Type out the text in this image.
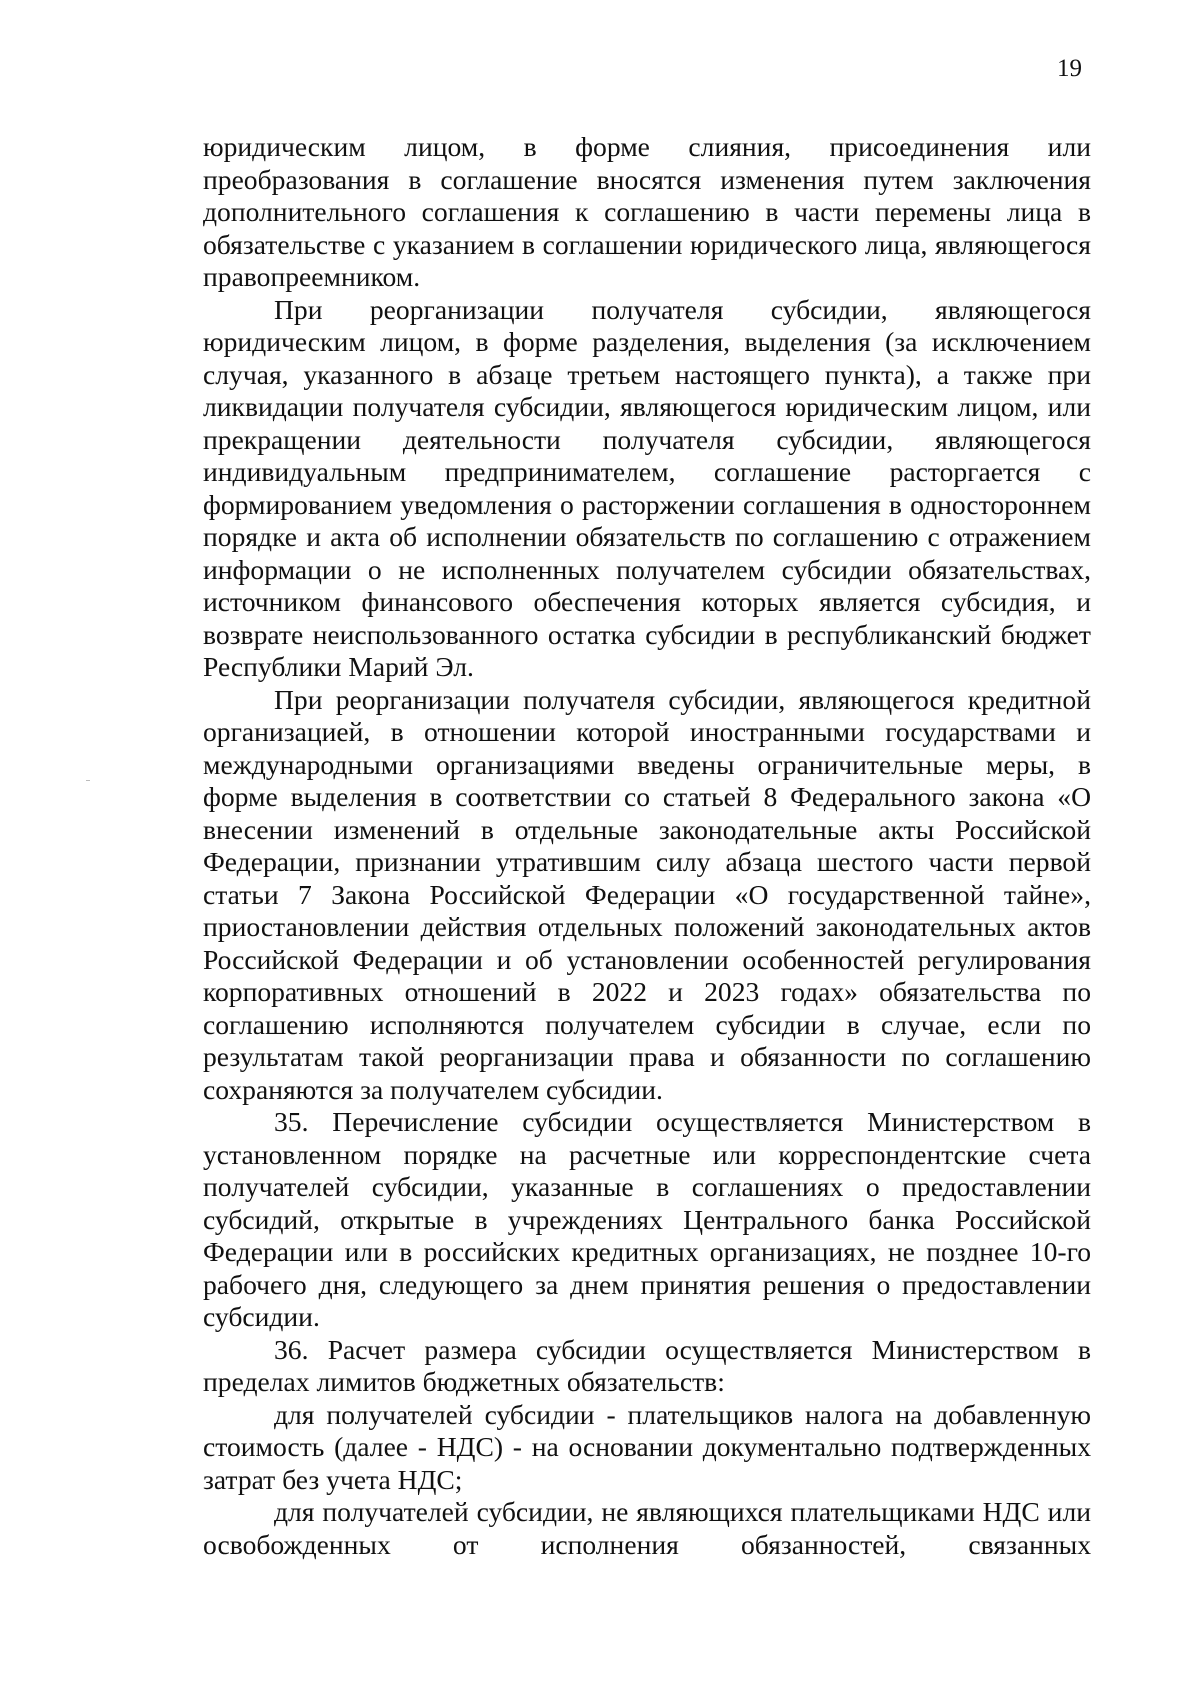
19

юридическим лицом, в форме слияния, присоединения или преобразования в соглашение вносятся изменения путем заключения дополнительного соглашения к соглашению в части перемены лица в обязательстве с указанием в соглашении юридического лица, являющегося правопреемником.

При реорганизации получателя субсидии, являющегося юридическим лицом, в форме разделения, выделения (за исключением случая, указанного в абзаце третьем настоящего пункта), а также при ликвидации получателя субсидии, являющегося юридическим лицом, или прекращении деятельности получателя субсидии, являющегося индивидуальным предпринимателем, соглашение расторгается с формированием уведомления о расторжении соглашения в одностороннем порядке и акта об исполнении обязательств по соглашению с отражением информации о не исполненных получателем субсидии обязательствах, источником финансового обеспечения которых является субсидия, и возврате неиспользованного остатка субсидии в республиканский бюджет Республики Марий Эл.

При реорганизации получателя субсидии, являющегося кредитной организацией, в отношении которой иностранными государствами и международными организациями введены ограничительные меры, в форме выделения в соответствии со статьей 8 Федерального закона «О внесении изменений в отдельные законодательные акты Российской Федерации, признании утратившим силу абзаца шестого части первой статьи 7 Закона Российской Федерации «О государственной тайне», приостановлении действия отдельных положений законодательных актов Российской Федерации и об установлении особенностей регулирования корпоративных отношений в 2022 и 2023 годах» обязательства по соглашению исполняются получателем субсидии в случае, если по результатам такой реорганизации права и обязанности по соглашению сохраняются за получателем субсидии.

35. Перечисление субсидии осуществляется Министерством в установленном порядке на расчетные или корреспондентские счета получателей субсидии, указанные в соглашениях о предоставлении субсидий, открытые в учреждениях Центрального банка Российской Федерации или в российских кредитных организациях, не позднее 10-го рабочего дня, следующего за днем принятия решения о предоставлении субсидии.

36. Расчет размера субсидии осуществляется Министерством в пределах лимитов бюджетных обязательств:

для получателей субсидии - плательщиков налога на добавленную стоимость (далее - НДС) - на основании документально подтвержденных затрат без учета НДС;

для получателей субсидии, не являющихся плательщиками НДС или освобожденных от исполнения обязанностей, связанных
